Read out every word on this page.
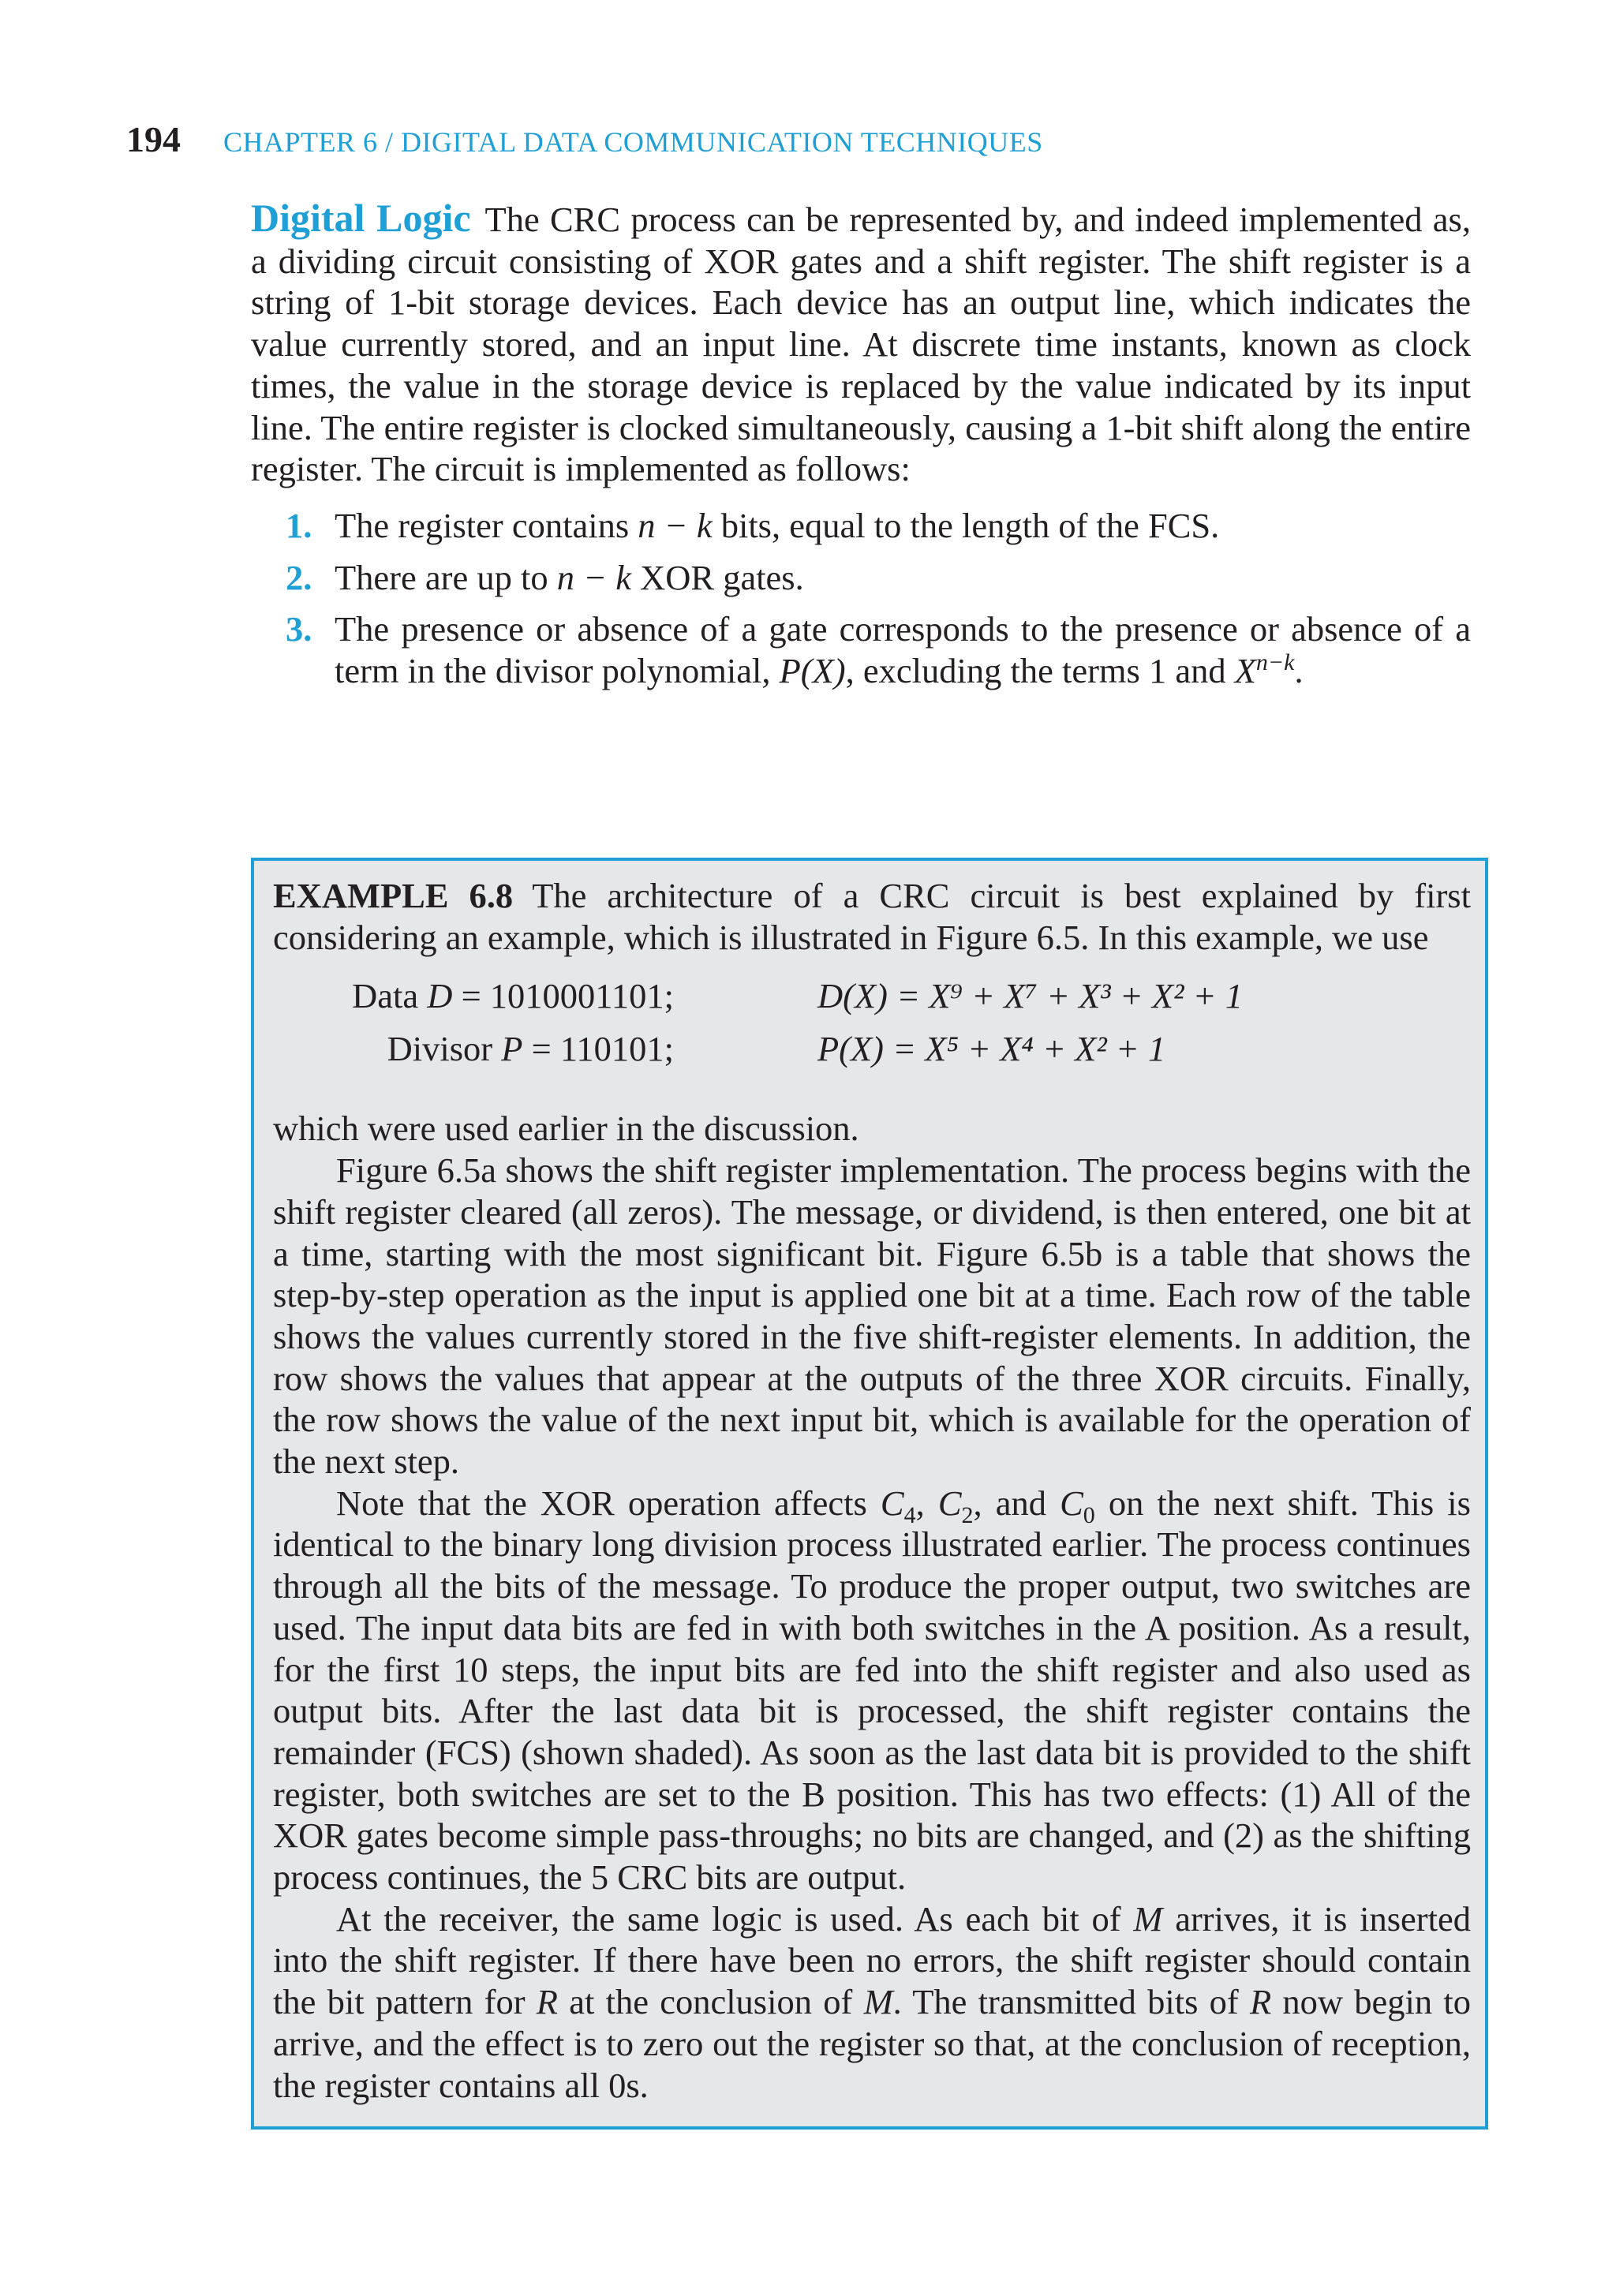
194 CHAPTER 6 / DIGITAL DATA COMMUNICATION TECHNIQUES
Digital Logic The CRC process can be represented by, and indeed implemented as, a dividing circuit consisting of XOR gates and a shift register. The shift register is a string of 1-bit storage devices. Each device has an output line, which indicates the value currently stored, and an input line. At discrete time instants, known as clock times, the value in the storage device is replaced by the value indicated by its input line. The entire register is clocked simultaneously, causing a 1-bit shift along the entire register. The circuit is implemented as follows:
1. The register contains n − k bits, equal to the length of the FCS.
2. There are up to n − k XOR gates.
3. The presence or absence of a gate corresponds to the presence or absence of a term in the divisor polynomial, P(X), excluding the terms 1 and $X^{n-k}$.

EXAMPLE 6.8 The architecture of a CRC circuit is best explained by first considering an example, which is illustrated in Figure 6.5. In this example, we use

Data D = 1010001101;	D(X) = X⁹ + X⁷ + X³ + X² + 1
Divisor P = 110101;	P(X) = X⁵ + X⁴ + X² + 1

which were used earlier in the discussion.

Figure 6.5a shows the shift register implementation. The process begins with the shift register cleared (all zeros). The message, or dividend, is then entered, one bit at a time, starting with the most significant bit. Figure 6.5b is a table that shows the step-by-step operation as the input is applied one bit at a time. Each row of the table shows the values currently stored in the five shift-register elements. In addition, the row shows the values that appear at the outputs of the three XOR circuits. Finally, the row shows the value of the next input bit, which is available for the operation of the next step.

Note that the XOR operation affects $C_4$, $C_2$, and $C_0$ on the next shift. This is identical to the binary long division process illustrated earlier. The process continues through all the bits of the message. To produce the proper output, two switches are used. The input data bits are fed in with both switches in the A position. As a result, for the first 10 steps, the input bits are fed into the shift register and also used as output bits. After the last data bit is processed, the shift register contains the remainder (FCS) (shown shaded). As soon as the last data bit is provided to the shift register, both switches are set to the B position. This has two effects: (1) All of the XOR gates become simple pass-throughs; no bits are changed, and (2) as the shifting process continues, the 5 CRC bits are output.

At the receiver, the same logic is used. As each bit of M arrives, it is inserted into the shift register. If there have been no errors, the shift register should contain the bit pattern for R at the conclusion of M. The transmitted bits of R now begin to arrive, and the effect is to zero out the register so that, at the conclusion of reception, the register contains all 0s.
